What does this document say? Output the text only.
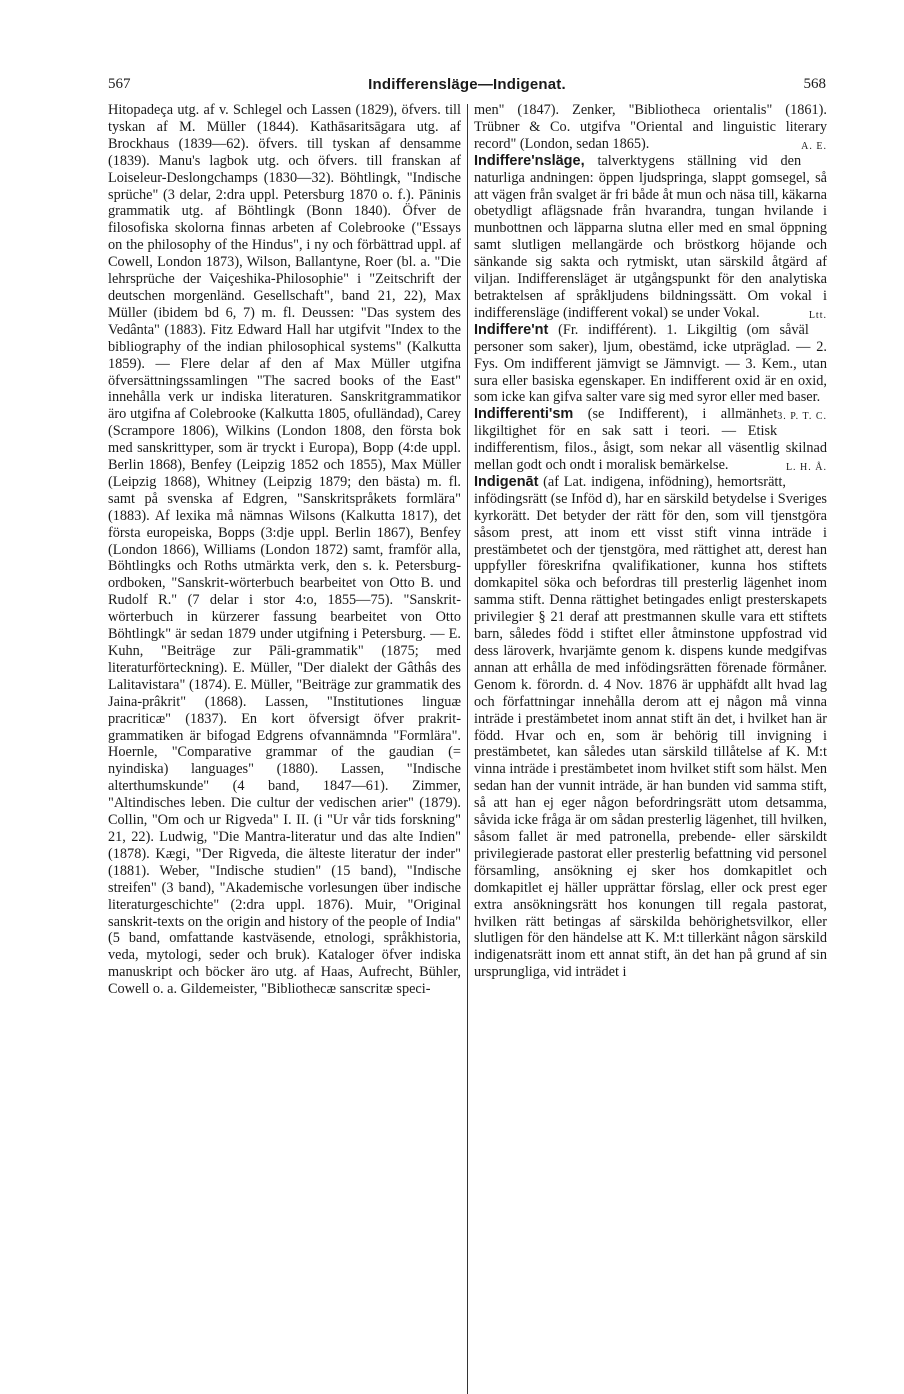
567	Indifferensläge—Indigenat.	568

Hitopadeça utg. af v. Schlegel och Lassen (1829), öfvers. till tyskan af M. Müller (1844). Kathāsaritsāgara utg. af Brockhaus (1839—62). öfvers. till tyskan af densamme (1839). Manu's lagbok utg. och öfvers. till franskan af Loiseleur-Deslongchamps (1830—32). Böhtlingk, "Indische sprüche" (3 delar, 2:dra uppl. Petersburg 1870 o. f.). Pāninis grammatik utg. af Böhtlingk (Bonn 1840). Öfver de filosofiska skolorna finnas arbeten af Colebrooke ("Essays on the philosophy of the Hindus", i ny och förbättrad uppl. af Cowell, London 1873), Wilson, Ballantyne, Roer (bl. a. "Die lehrsprüche der Vaiçeshika-Philosophie" i "Zeitschrift der deutschen morgenländ. Gesellschaft", band 21, 22), Max Müller (ibidem bd 6, 7) m. fl. Deussen: "Das system des Vedânta" (1883). Fitz Edward Hall har utgifvit "Index to the bibliography of the indian philosophical systems" (Kalkutta 1859). — Flere delar af den af Max Müller utgifna öfversättningssamlingen "The sacred books of the East" innehålla verk ur indiska literaturen. Sanskritgrammatikor äro utgifna af Colebrooke (Kalkutta 1805, ofulländad), Carey (Scrampore 1806), Wilkins (London 1808, den första bok med sanskrittyper, som är tryckt i Europa), Bopp (4:de uppl. Berlin 1868), Benfey (Leipzig 1852 och 1855), Max Müller (Leipzig 1868), Whitney (Leipzig 1879; den bästa) m. fl. samt på svenska af Edgren, "Sanskritspråkets formlära" (1883). Af lexika må nämnas Wilsons (Kalkutta 1817), det första europeiska, Bopps (3:dje uppl. Berlin 1867), Benfey (London 1866), Williams (London 1872) samt, framför alla, Böhtlingks och Roths utmärkta verk, den s. k. Petersburg-ordboken, "Sanskrit-wörterbuch bearbeitet von Otto B. und Rudolf R." (7 delar i stor 4:o, 1855—75). "Sanskrit-wörterbuch in kürzerer fassung bearbeitet von Otto Böhtlingk" är sedan 1879 under utgifning i Petersburg. — E. Kuhn, "Beiträge zur Pāli-grammatik" (1875; med literaturförteckning). E. Müller, "Der dialekt der Gâthâs des Lalitavistara" (1874). E. Müller, "Beiträge zur grammatik des Jaina-prâkrit" (1868). Lassen, "Institutiones linguæ pracriticæ" (1837). En kort öfversigt öfver prakrit-grammatiken är bifogad Edgrens ofvannämnda "Formlära". Hoernle, "Comparative grammar of the gaudian (= nyindiska) languages" (1880). Lassen, "Indische alterthumskunde" (4 band, 1847—61). Zimmer, "Altindisches leben. Die cultur der vedischen arier" (1879). Collin, "Om och ur Rigveda" I. II. (i "Ur vår tids forskning" 21, 22). Ludwig, "Die Mantra-literatur und das alte Indien" (1878). Kægi, "Der Rigveda, die älteste literatur der inder" (1881). Weber, "Indische studien" (15 band), "Indische streifen" (3 band), "Akademische vorlesungen über indische literaturgeschichte" (2:dra uppl. 1876). Muir, "Original sanskrit-texts on the origin and history of the people of India" (5 band, omfattande kastväsende, etnologi, språkhistoria, veda, mytologi, seder och bruk). Kataloger öfver indiska manuskript och böcker äro utg. af Haas, Aufrecht, Bühler, Cowell o. a. Gildemeister, "Bibliothecæ sanscritæ speci-

men" (1847). Zenker, "Bibliotheca orientalis" (1861). Trübner & Co. utgifva "Oriental and linguistic literary record" (London, sedan 1865).	A. E.

Indiffere'nsläge, talverktygens ställning vid den naturliga andningen: öppen ljudspringa, slappt gomsegel, så att vägen från svalget är fri både åt mun och näsa till, käkarna obetydligt aflägsnade från hvarandra, tungan hvilande i munbottnen och läpparna slutna eller med en smal öppning samt slutligen mellangärde och bröstkorg höjande och sänkande sig sakta och rytmiskt, utan särskild åtgärd af viljan. Indifferensläget är utgångspunkt för den analytiska betraktelsen af språkljudens bildningssätt. Om vokal i indifferensläge (indifferent vokal) se under Vokal.	Ltt.

Indiffere'nt (Fr. indifférent). 1. Likgiltig (om såväl personer som saker), ljum, obestämd, icke utpräglad. — 2. Fys. Om indifferent jämvigt se Jämnvigt. — 3. Kem., utan sura eller basiska egenskaper. En indifferent oxid är en oxid, som icke kan gifva salter vare sig med syror eller med baser.
3. P. T. C.

Indifferenti'sm (se Indifferent), i allmänhet likgiltighet för en sak satt i teori. — Etisk indifferentism, filos., åsigt, som nekar all väsentlig skilnad mellan godt och ondt i moralisk bemärkelse.	L. H. Å.

Indigenāt (af Lat. indigena, infödning), hemortsrätt, infödingsrätt (se Inföd d), har en särskild betydelse i Sveriges kyrkorätt. Det betyder der rätt för den, som vill tjenstgöra såsom prest, att inom ett visst stift vinna inträde i prestämbetet och der tjenstgöra, med rättighet att, derest han uppfyller föreskrifna qvalifikationer, kunna hos stiftets domkapitel söka och befordras till presterlig lägenhet inom samma stift. Denna rättighet betingades enligt presterskapets privilegier § 21 deraf att prestmannen skulle vara ett stiftets barn, således född i stiftet eller åtminstone uppfostrad vid dess läroverk, hvarjämte genom k. dispens kunde medgifvas annan att erhålla de med infödingsrätten förenade förmåner. Genom k. förordn. d. 4 Nov. 1876 är upphäfdt allt hvad lag och författningar innehålla derom att ej någon må vinna inträde i prestämbetet inom annat stift än det, i hvilket han är född. Hvar och en, som är behörig till invigning i prestämbetet, kan således utan särskild tillåtelse af K. M:t vinna inträde i prestämbetet inom hvilket stift som hälst. Men sedan han der vunnit inträde, är han bunden vid samma stift, så att han ej eger någon befordringsrätt utom detsamma, såvida icke fråga är om sådan presterlig lägenhet, till hvilken, såsom fallet är med patronella, prebende- eller särskildt privilegierade pastorat eller presterlig befattning vid personel församling, ansökning ej sker hos domkapitlet och domkapitlet ej häller upprättar förslag, eller ock prest eger extra ansökningsrätt hos konungen till regala pastorat, hvilken rätt betingas af särskilda behörighetsvilkor, eller slutligen för den händelse att K. M:t tillerkänt någon särskild indigenatsrätt inom ett annat stift, än det han på grund af sin ursprungliga, vid inträdet i
